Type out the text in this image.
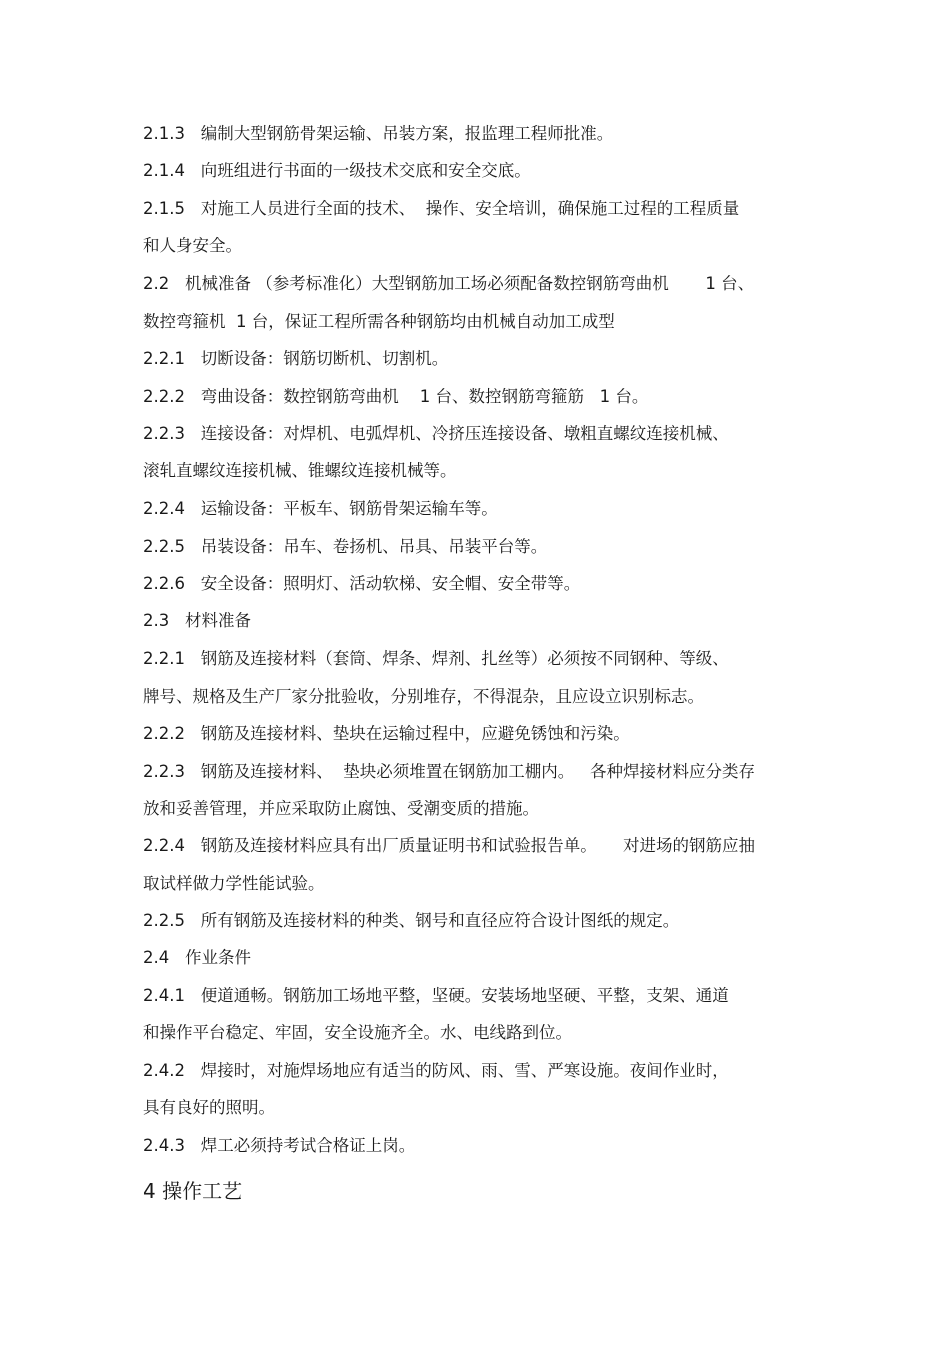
2.1.3   编制大型钢筋骨架运输、吊装方案，报监理工程师批准。
2.1.4   向班组进行书面的一级技术交底和安全交底。
2.1.5   对施工人员进行全面的技术、  操作、安全培训，确保施工过程的工程质量
和人身安全。
2.2   机械准备 （参考标准化）大型钢筋加工场必须配备数控钢筋弯曲机       1 台、
数控弯箍机  1 台，保证工程所需各种钢筋均由机械自动加工成型
2.2.1   切断设备：钢筋切断机、切割机。
2.2.2   弯曲设备：数控钢筋弯曲机    1 台、数控钢筋弯箍筋   1 台。
2.2.3   连接设备：对焊机、电弧焊机、冷挤压连接设备、墩粗直螺纹连接机械、
滚轧直螺纹连接机械、锥螺纹连接机械等。
2.2.4   运输设备：平板车、钢筋骨架运输车等。
2.2.5   吊装设备：吊车、卷扬机、吊具、吊装平台等。
2.2.6   安全设备：照明灯、活动软梯、安全帽、安全带等。
2.3   材料准备
2.2.1   钢筋及连接材料（套筒、焊条、焊剂、扎丝等）必须按不同钢种、等级、
牌号、规格及生产厂家分批验收，分别堆存，不得混杂，且应设立识别标志。
2.2.2   钢筋及连接材料、垫块在运输过程中，应避免锈蚀和污染。
2.2.3   钢筋及连接材料、  垫块必须堆置在钢筋加工棚内。   各种焊接材料应分类存
放和妥善管理，并应采取防止腐蚀、受潮变质的措施。
2.2.4   钢筋及连接材料应具有出厂质量证明书和试验报告单。     对进场的钢筋应抽
取试样做力学性能试验。
2.2.5   所有钢筋及连接材料的种类、钢号和直径应符合设计图纸的规定。
2.4   作业条件
2.4.1   便道通畅。钢筋加工场地平整，坚硬。安装场地坚硬、平整，支架、通道
和操作平台稳定、牢固，安全设施齐全。水、电线路到位。
2.4.2   焊接时，对施焊场地应有适当的防风、雨、雪、严寒设施。夜间作业时，
具有良好的照明。
2.4.3   焊工必须持考试合格证上岗。
4 操作工艺
